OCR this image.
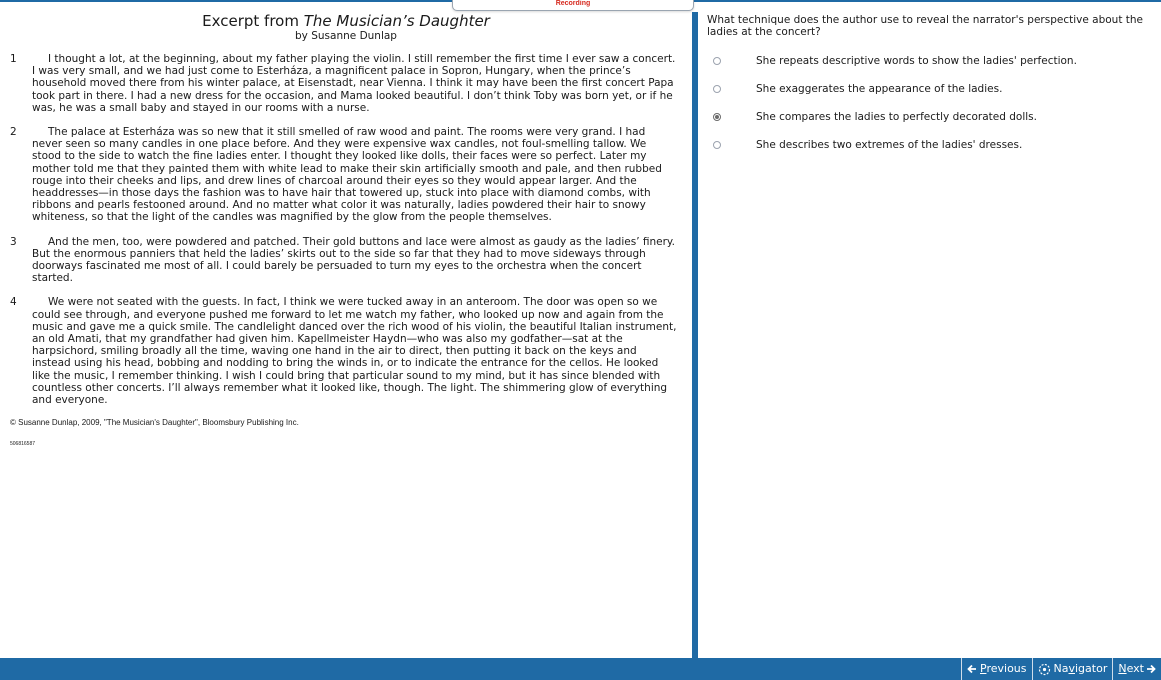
Recording
Excerpt from The Musician’s Daughter
by Susanne Dunlap
1	I thought a lot, at the beginning, about my father playing the violin. I still remember the first time I ever saw a concert. I was very small, and we had just come to Esterháza, a magnificent palace in Sopron, Hungary, when the prince’s household moved there from his winter palace, at Eisenstadt, near Vienna. I think it may have been the first concert Papa took part in there. I had a new dress for the occasion, and Mama looked beautiful. I don’t think Toby was born yet, or if he was, he was a small baby and stayed in our rooms with a nurse.
2	The palace at Esterháza was so new that it still smelled of raw wood and paint. The rooms were very grand. I had never seen so many candles in one place before. And they were expensive wax candles, not foul-smelling tallow. We stood to the side to watch the fine ladies enter. I thought they looked like dolls, their faces were so perfect. Later my mother told me that they painted them with white lead to make their skin artificially smooth and pale, and then rubbed rouge into their cheeks and lips, and drew lines of charcoal around their eyes so they would appear larger. And the headdresses—in those days the fashion was to have hair that towered up, stuck into place with diamond combs, with ribbons and pearls festooned around. And no matter what color it was naturally, ladies powdered their hair to snowy whiteness, so that the light of the candles was magnified by the glow from the people themselves.
3	And the men, too, were powdered and patched. Their gold buttons and lace were almost as gaudy as the ladies’ finery. But the enormous panniers that held the ladies’ skirts out to the side so far that they had to move sideways through doorways fascinated me most of all. I could barely be persuaded to turn my eyes to the orchestra when the concert started.
4	We were not seated with the guests. In fact, I think we were tucked away in an anteroom. The door was open so we could see through, and everyone pushed me forward to let me watch my father, who looked up now and again from the music and gave me a quick smile. The candlelight danced over the rich wood of his violin, the beautiful Italian instrument, an old Amati, that my grandfather had given him. Kapellmeister Haydn—who was also my godfather—sat at the harpsichord, smiling broadly all the time, waving one hand in the air to direct, then putting it back on the keys and instead using his head, bobbing and nodding to bring the winds in, or to indicate the entrance for the cellos. He looked like the music, I remember thinking. I wish I could bring that particular sound to my mind, but it has since blended with countless other concerts. I’ll always remember what it looked like, though. The light. The shimmering glow of everything and everyone.
© Susanne Dunlap, 2009, "The Musician's Daughter", Bloomsbury Publishing Inc.
506816587
What technique does the author use to reveal the narrator's perspective about the ladies at the concert?
She repeats descriptive words to show the ladies' perfection.
She exaggerates the appearance of the ladies.
She compares the ladies to perfectly decorated dolls.
She describes two extremes of the ladies' dresses.
Previous Navigator Next
